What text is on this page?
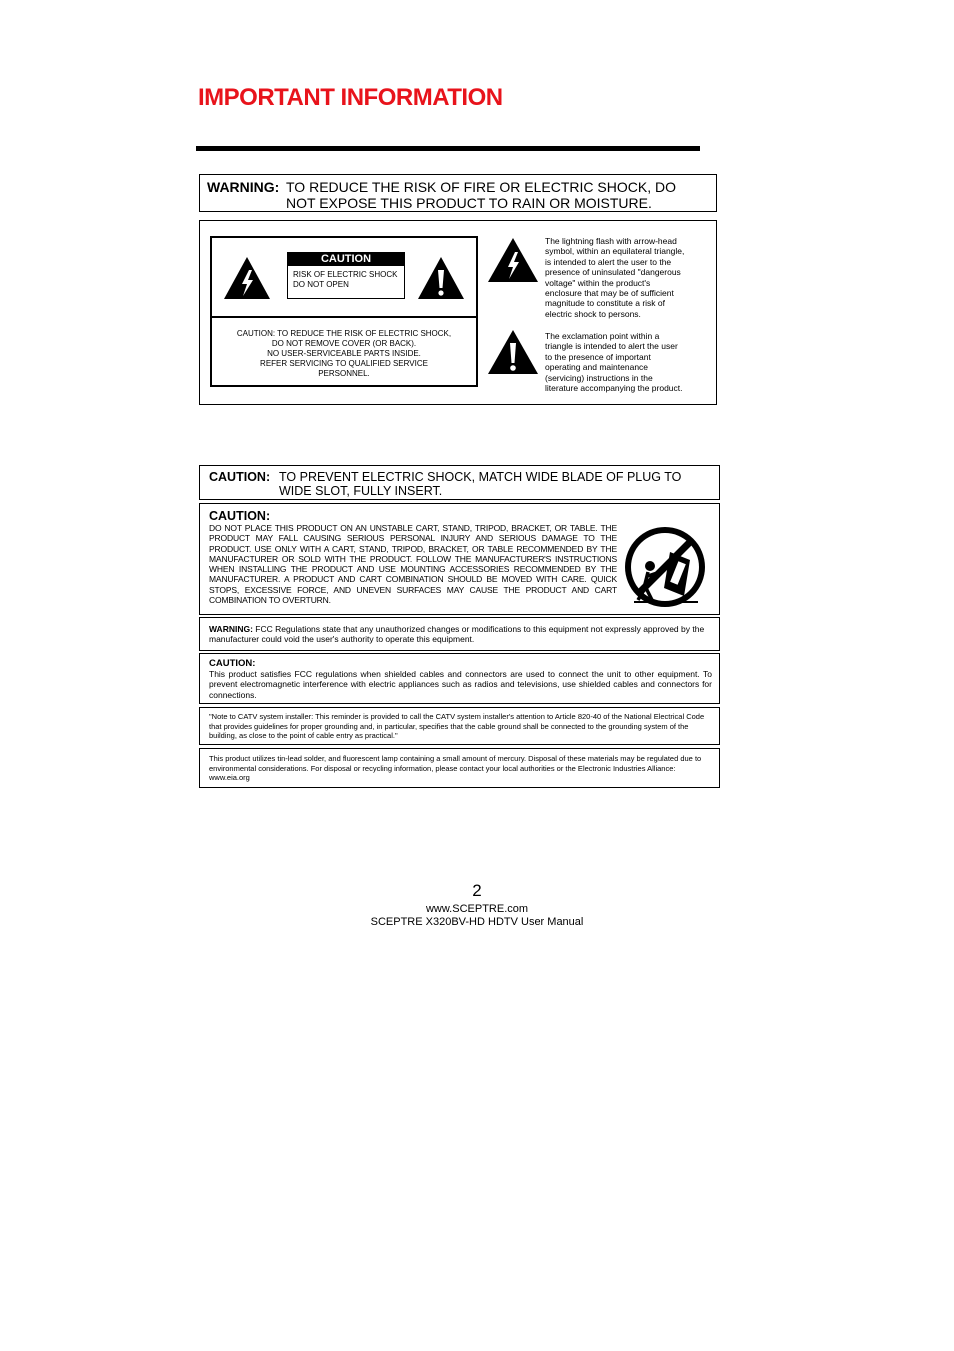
IMPORTANT INFORMATION
WARNING: TO REDUCE THE RISK OF FIRE OR ELECTRIC SHOCK, DO NOT EXPOSE THIS PRODUCT TO RAIN OR MOISTURE.
CAUTION
RISK OF ELECTRIC SHOCK
DO NOT OPEN
CAUTION: TO REDUCE THE RISK OF ELECTRIC SHOCK,
DO NOT REMOVE COVER (OR BACK).
NO USER-SERVICEABLE PARTS INSIDE.
REFER SERVICING TO QUALIFIED SERVICE
PERSONNEL.
The lightning flash with arrow-head
symbol, within an equilateral triangle,
is intended to alert the user to the
presence of uninsulated "dangerous
voltage" within the product's
enclosure that may be of sufficient
magnitude to constitute a risk of
electric shock to persons.
The exclamation point within a
triangle is intended to alert the user
to the presence of important
operating and maintenance
(servicing) instructions in the
literature accompanying the product.
CAUTION: TO PREVENT ELECTRIC SHOCK, MATCH WIDE BLADE OF PLUG TO WIDE SLOT, FULLY INSERT.
CAUTION:
DO NOT PLACE THIS PRODUCT ON AN UNSTABLE CART, STAND, TRIPOD, BRACKET, OR TABLE. THE PRODUCT MAY FALL CAUSING SERIOUS PERSONAL INJURY AND SERIOUS DAMAGE TO THE PRODUCT. USE ONLY WITH A CART, STAND, TRIPOD, BRACKET, OR TABLE RECOMMENDED BY THE MANUFACTURER OR SOLD WITH THE PRODUCT. FOLLOW THE MANUFACTURER'S INSTRUCTIONS WHEN INSTALLING THE PRODUCT AND USE MOUNTING ACCESSORIES RECOMMENDED BY THE MANUFACTURER. A PRODUCT AND CART COMBINATION SHOULD BE MOVED WITH CARE. QUICK STOPS, EXCESSIVE FORCE, AND UNEVEN SURFACES MAY CAUSE THE PRODUCT AND CART COMBINATION TO OVERTURN.
WARNING: FCC Regulations state that any unauthorized changes or modifications to this equipment not expressly approved by the manufacturer could void the user's authority to operate this equipment.
CAUTION:
This product satisfies FCC regulations when shielded cables and connectors are used to connect the unit to other equipment. To prevent electromagnetic interference with electric appliances such as radios and televisions, use shielded cables and connectors for connections.
"Note to CATV system installer: This reminder is provided to call the CATV system installer's attention to Article 820-40 of the National Electrical Code that provides guidelines for proper grounding and, in particular, specifies that the cable ground shall be connected to the grounding system of the building, as close to the point of cable entry as practical."
This product utilizes tin-lead solder, and fluorescent lamp containing a small amount of mercury. Disposal of these materials may be regulated due to environmental considerations. For disposal or recycling information, please contact your local authorities or the Electronic Industries Alliance: www.eia.org
2
www.SCEPTRE.com
SCEPTRE X320BV-HD HDTV User Manual
